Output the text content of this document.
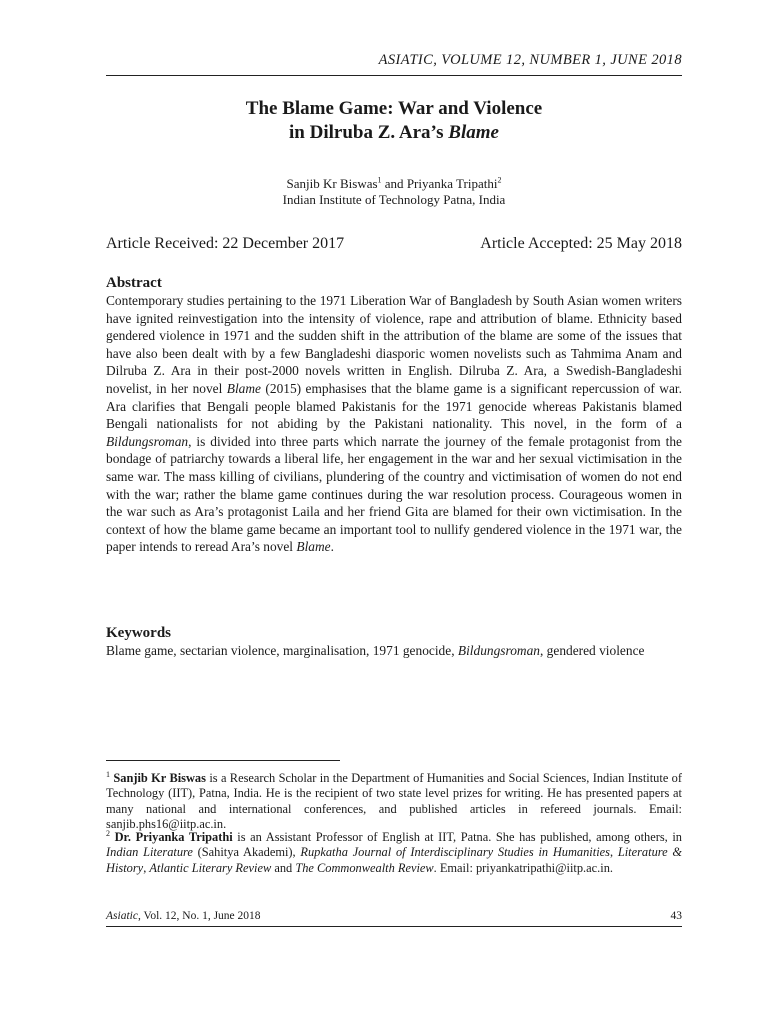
ASIATIC, VOLUME 12, NUMBER 1, JUNE 2018
The Blame Game: War and Violence
in Dilruba Z. Ara’s Blame
Sanjib Kr Biswas$^1$ and Priyanka Tripathi$^2$
Indian Institute of Technology Patna, India
Article Received: 22 December 2017	Article Accepted: 25 May 2018
Abstract

Contemporary studies pertaining to the 1971 Liberation War of Bangladesh by South Asian women writers have ignited reinvestigation into the intensity of violence, rape and attribution of blame. Ethnicity based gendered violence in 1971 and the sudden shift in the attribution of the blame are some of the issues that have also been dealt with by a few Bangladeshi diasporic women novelists such as Tahmima Anam and Dilruba Z. Ara in their post-2000 novels written in English. Dilruba Z. Ara, a Swedish-Bangladeshi novelist, in her novel Blame (2015) emphasises that the blame game is a significant repercussion of war. Ara clarifies that Bengali people blamed Pakistanis for the 1971 genocide whereas Pakistanis blamed Bengali nationalists for not abiding by the Pakistani nationality. This novel, in the form of a Bildungsroman, is divided into three parts which narrate the journey of the female protagonist from the bondage of patriarchy towards a liberal life, her engagement in the war and her sexual victimisation in the same war. The mass killing of civilians, plundering of the country and victimisation of women do not end with the war; rather the blame game continues during the war resolution process. Courageous women in the war such as Ara’s protagonist Laila and her friend Gita are blamed for their own victimisation. In the context of how the blame game became an important tool to nullify gendered violence in the 1971 war, the paper intends to reread Ara’s novel Blame.

Keywords

Blame game, sectarian violence, marginalisation, 1971 genocide, Bildungsroman, gendered violence

$^1$ Sanjib Kr Biswas is a Research Scholar in the Department of Humanities and Social Sciences, Indian Institute of Technology (IIT), Patna, India. He is the recipient of two state level prizes for writing. He has presented papers at many national and international conferences, and published articles in refereed journals. Email: sanjib.phs16@iitp.ac.in.

$^2$ Dr. Priyanka Tripathi is an Assistant Professor of English at IIT, Patna. She has published, among others, in Indian Literature (Sahitya Akademi), Rupkatha Journal of Interdisciplinary Studies in Humanities, Literature & History, Atlantic Literary Review and The Commonwealth Review. Email: priyankatripathi@iitp.ac.in.

Asiatic, Vol. 12, No. 1, June 2018	43
